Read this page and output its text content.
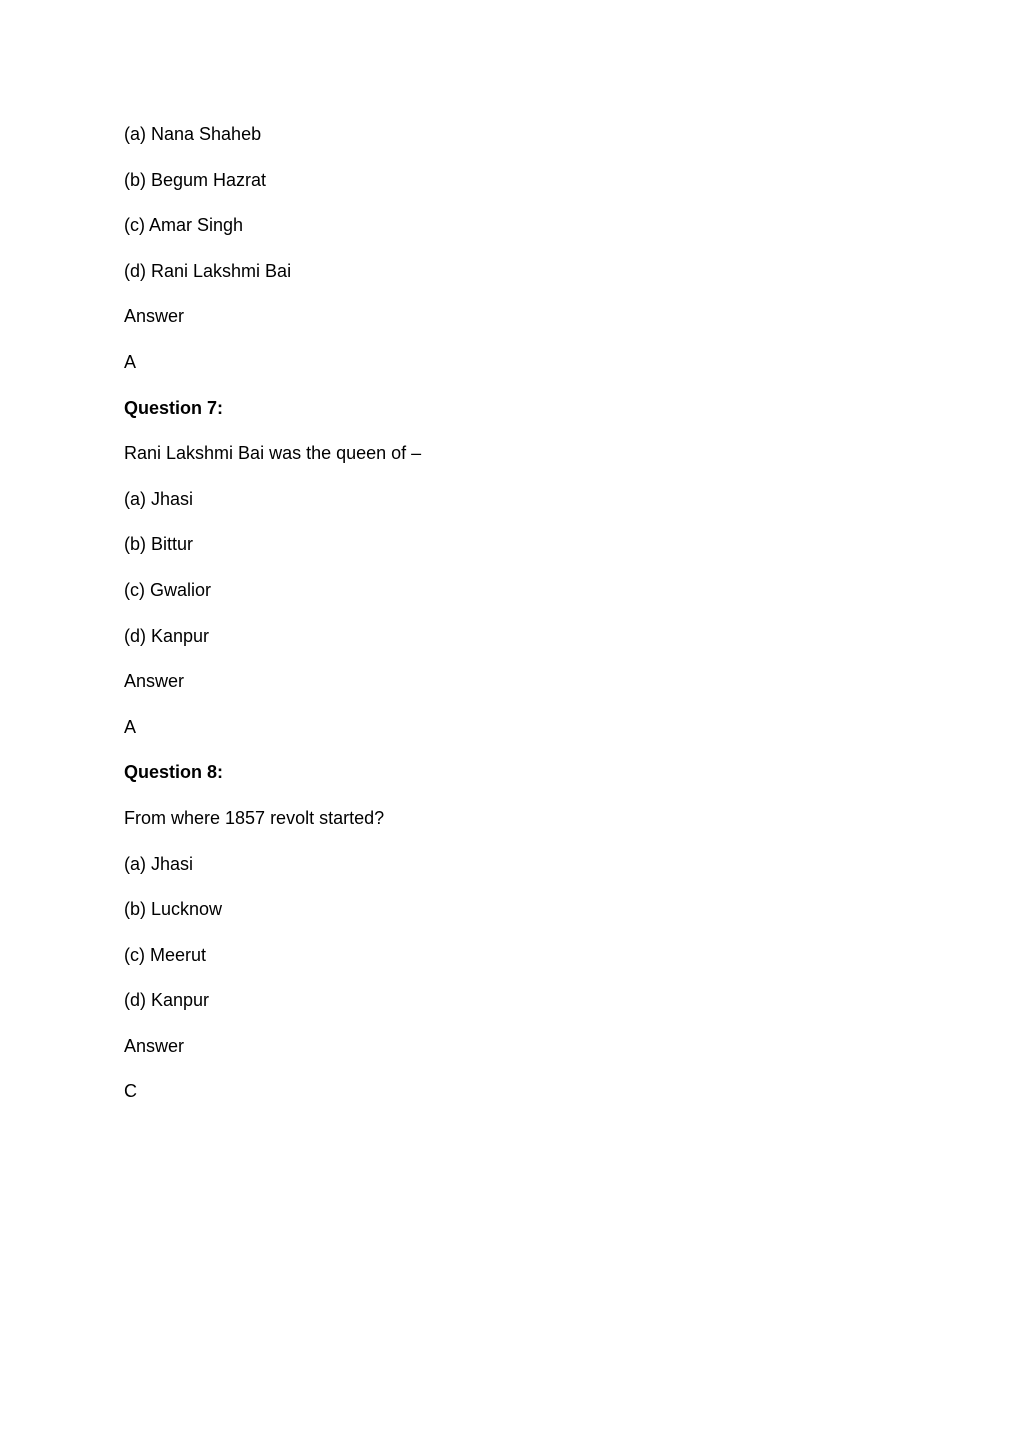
(a) Nana Shaheb
(b) Begum Hazrat
(c) Amar Singh
(d) Rani Lakshmi Bai
Answer
A
Question 7:
Rani Lakshmi Bai was the queen of –
(a) Jhasi
(b) Bittur
(c) Gwalior
(d) Kanpur
Answer
A
Question 8:
From where 1857 revolt started?
(a) Jhasi
(b) Lucknow
(c) Meerut
(d) Kanpur
Answer
C
